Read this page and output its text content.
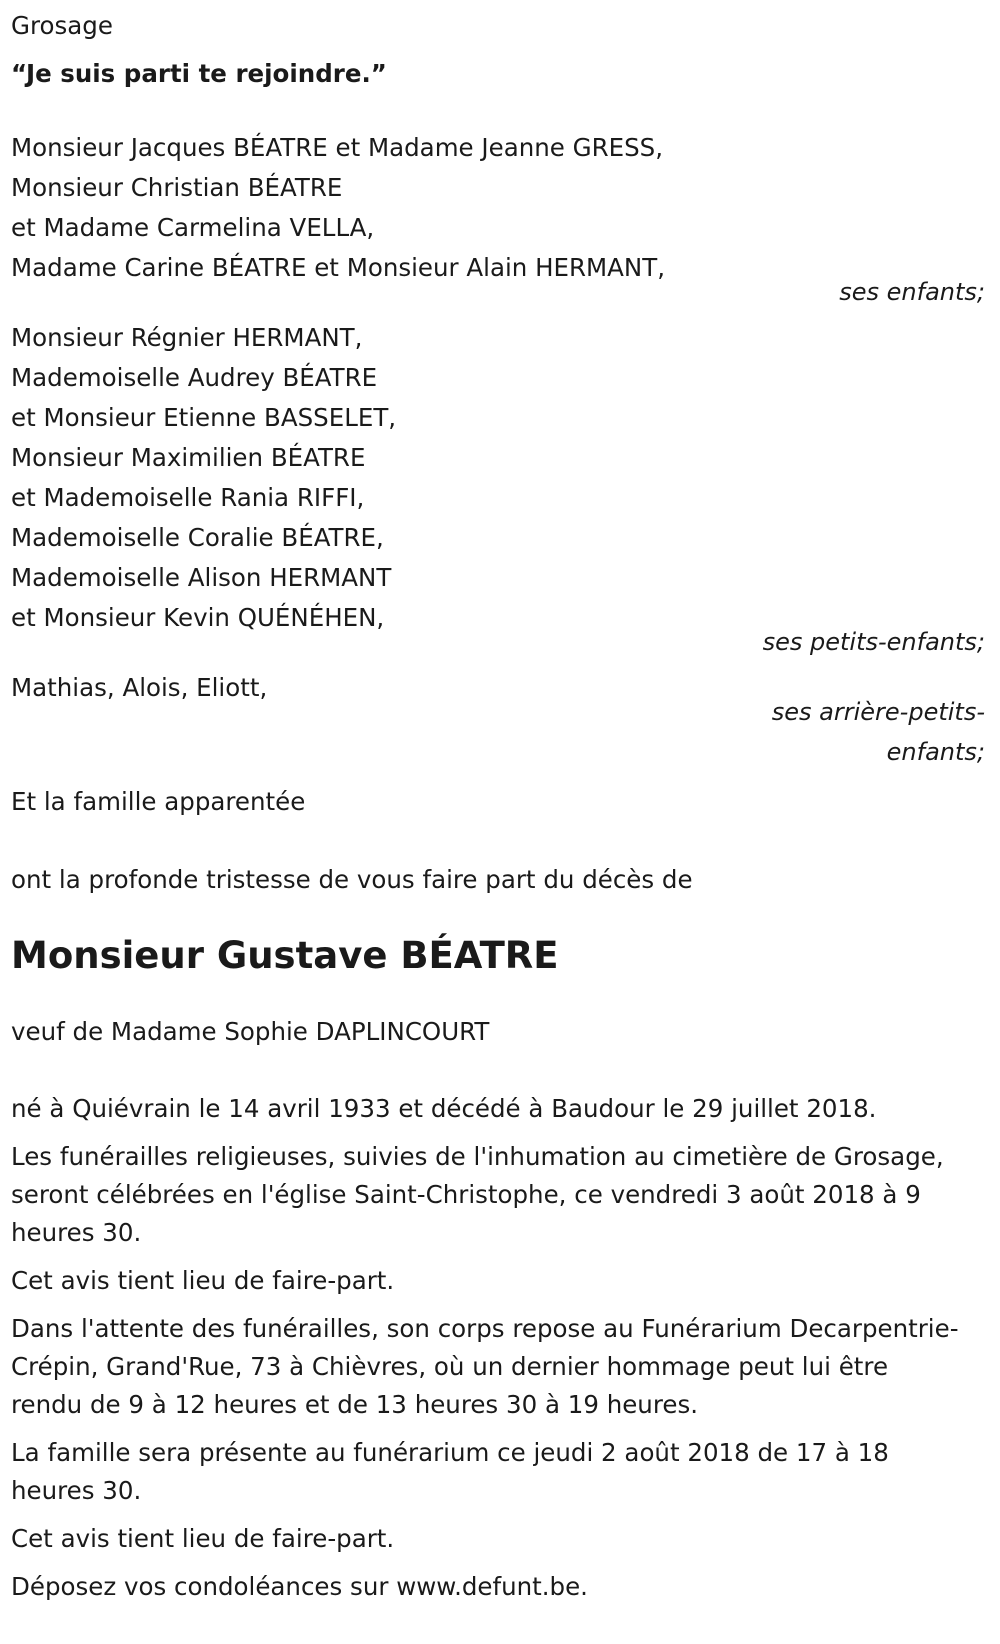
Grosage
“Je suis parti te rejoindre.”
Monsieur Jacques BÉATRE et Madame Jeanne GRESS,
Monsieur Christian BÉATRE
et Madame Carmelina VELLA,
Madame Carine BÉATRE et Monsieur Alain HERMANT,
ses enfants;
Monsieur Régnier HERMANT,
Mademoiselle Audrey BÉATRE
et Monsieur Etienne BASSELET,
Monsieur Maximilien BÉATRE
et Mademoiselle Rania RIFFI,
Mademoiselle Coralie BÉATRE,
Mademoiselle Alison HERMANT
et Monsieur Kevin QUÉNÉHEN,
ses petits-enfants;
Mathias, Alois, Eliott,
ses arrière-petits-enfants;
Et la famille apparentée
ont la profonde tristesse de vous faire part du décès de
Monsieur Gustave BÉATRE
veuf de Madame Sophie DAPLINCOURT
né à Quiévrain le 14 avril 1933 et décédé à Baudour le 29 juillet 2018.
Les funérailles religieuses, suivies de l'inhumation au cimetière de Grosage, seront célébrées en l'église Saint-Christophe, ce vendredi 3 août 2018 à 9 heures 30.
Cet avis tient lieu de faire-part.
Dans l'attente des funérailles, son corps repose au Funérarium Decarpentrie-Crépin, Grand'Rue, 73 à Chièvres, où un dernier hommage peut lui être rendu de 9 à 12 heures et de 13 heures 30 à 19 heures.
La famille sera présente au funérarium ce jeudi 2 août 2018 de 17 à 18 heures 30.
Cet avis tient lieu de faire-part.
Déposez vos condoléances sur www.defunt.be.
